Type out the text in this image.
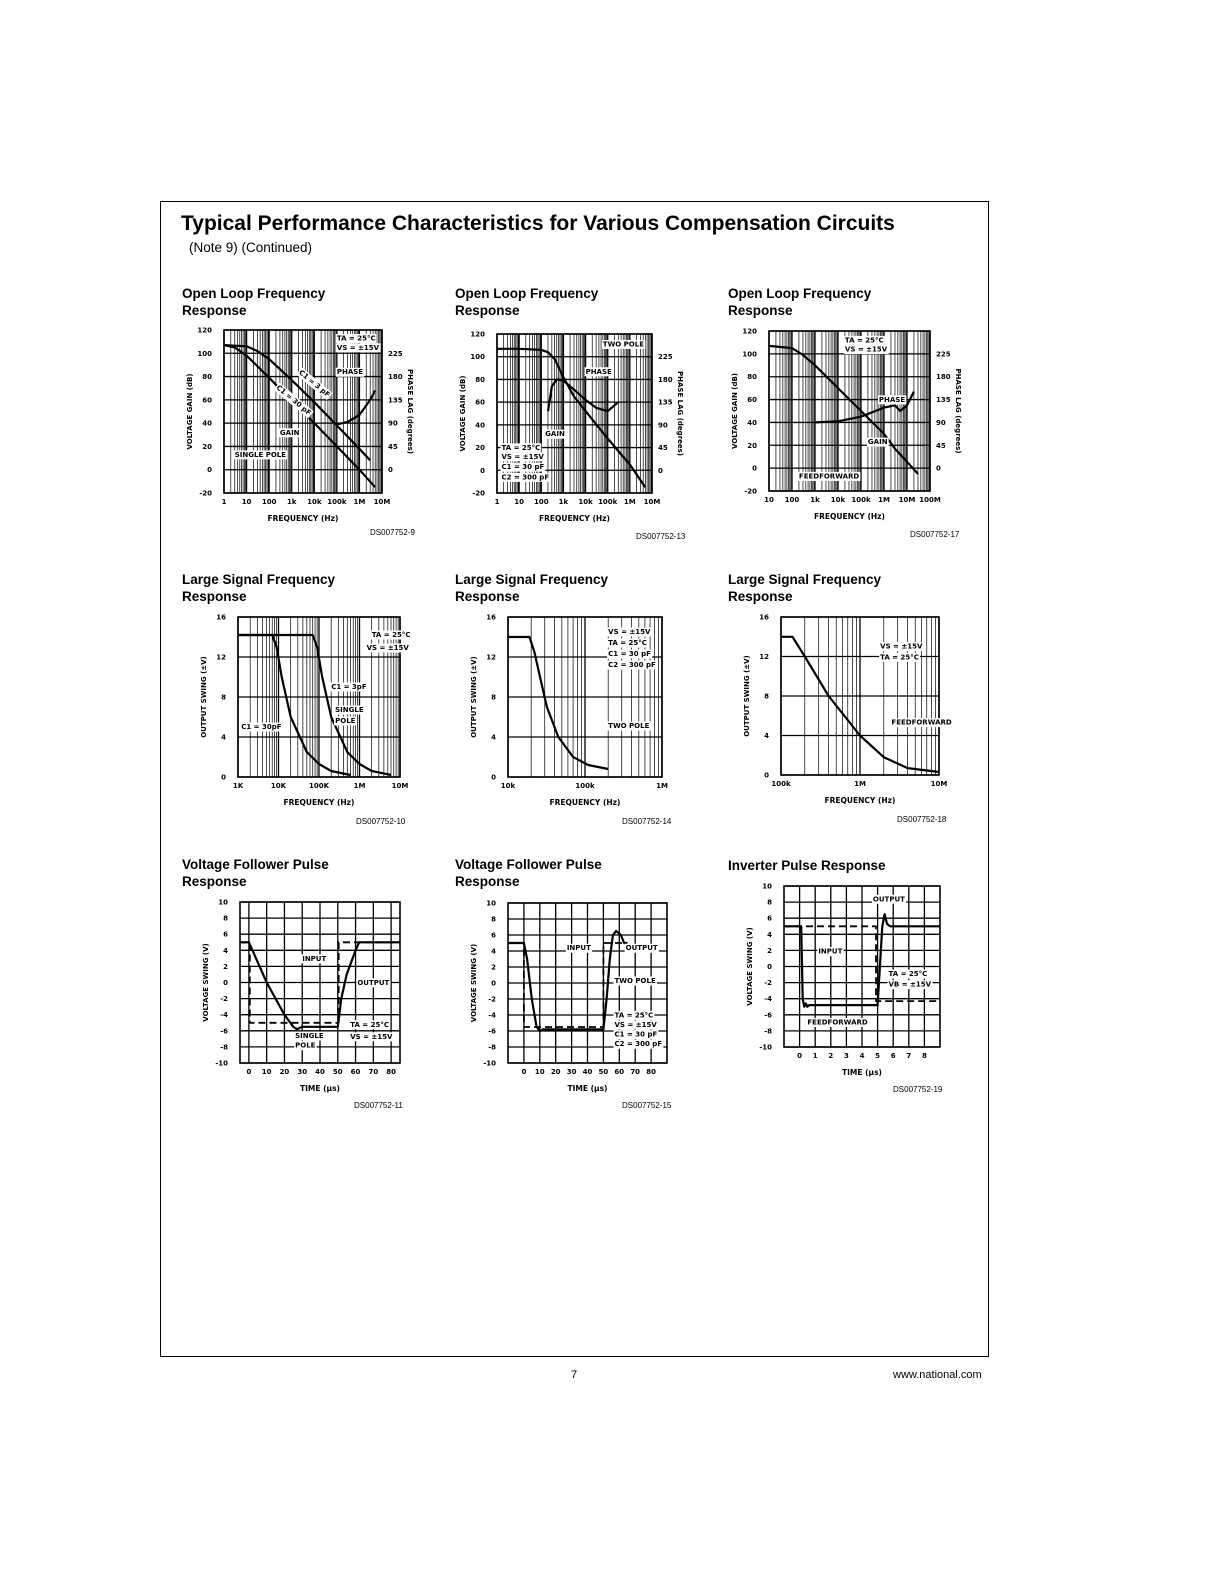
Typical Performance Characteristics for Various Compensation Circuits
(Note 9) (Continued)
Open Loop Frequency
Response
DS007752-9
1 10 100 1k 10k 100k 1M 10M
-20
0
20
40
60
80
100
120
0
45
90
135
180
225
PHASE LAG (degrees)
FREQUENCY (Hz)
VOLTAGE GAIN (dB)
TA = 25°C
VS = ±15V
PHASE
GAIN
SINGLE POLE
C1 = 3 pF
C1 = 30 pF
Open Loop Frequency
Response
DS007752-13
1 10 100 1k 10k 100k 1M 10M
-20
0
20
40
60
80
100
120
0
45
90
135
180
225
PHASE LAG (degrees)
FREQUENCY (Hz)
VOLTAGE GAIN (dB)
TWO POLE
PHASE
GAIN
TA = 25°C
VS = ±15V
C1 = 30 pF
C2 = 300 pF
Open Loop Frequency
Response
DS007752-17
10 100 1k 10k 100k 1M 10M 100M
-20
0
20
40
60
80
100
120
0
45
90
135
180
225
PHASE LAG (degrees)
FREQUENCY (Hz)
VOLTAGE GAIN (dB)
TA = 25°C
VS = ±15V
PHASE
GAIN
FEEDFORWARD
Large Signal Frequency
Response
DS007752-10
1K	10K	100K	1M	10M
0
4
8
12
16
FREQUENCY (Hz)
OUTPUT SWING (±V)
TA = 25°C
VS = ±15V
C1 = 3pF
SINGLE
POLE
C1 = 30pF
Large Signal Frequency
Response
DS007752-14
10k	100k	1M
0
4
8
12
16
FREQUENCY (Hz)
OUTPUT SWING (±V)
VS = ±15V
TA = 25°C
C1 = 30 pF
C2 = 300 pF
TWO POLE
Large Signal Frequency
Response
DS007752-18
100k	1M	10M
0
4
8
12
16
FREQUENCY (Hz)
OUTPUT SWING (±V)
VS = ±15V
TA = 25°C
FEEDFORWARD
Voltage Follower Pulse
Response
DS007752-11
0 10 20 30 40 50 60 70 80
-10
-8
-6
-4
-2
0
2
4
6
8
10
TIME (µs)
VOLTAGE SWING (V)	INPUT
OUTPUT
SINGLE
POLE
TA = 25°C
VS = ±15V
Voltage Follower Pulse
Response
DS007752-15
0 10 20 30 40 50 60 70 80
-10
-8
-6
-4
-2
0
2
4
6
8
10
TIME (µs)
VOLTAGE SWING (V)	INPUT	OUTPUT
TWO POLE
TA = 25°C
VS = ±15V
C1 = 30 pF
C2 = 300 pF
Inverter Pulse Response
DS007752-19
0 1 2 3 4 5 6 7 8
-10
-8
-6
-4
-2
0
2
4
6
8
10
TIME (µs)
VOLTAGE SWING (V)
OUTPUT
INPUT
TA = 25°C
VB = ±15V
FEEDFORWARD
7	www.national.com
